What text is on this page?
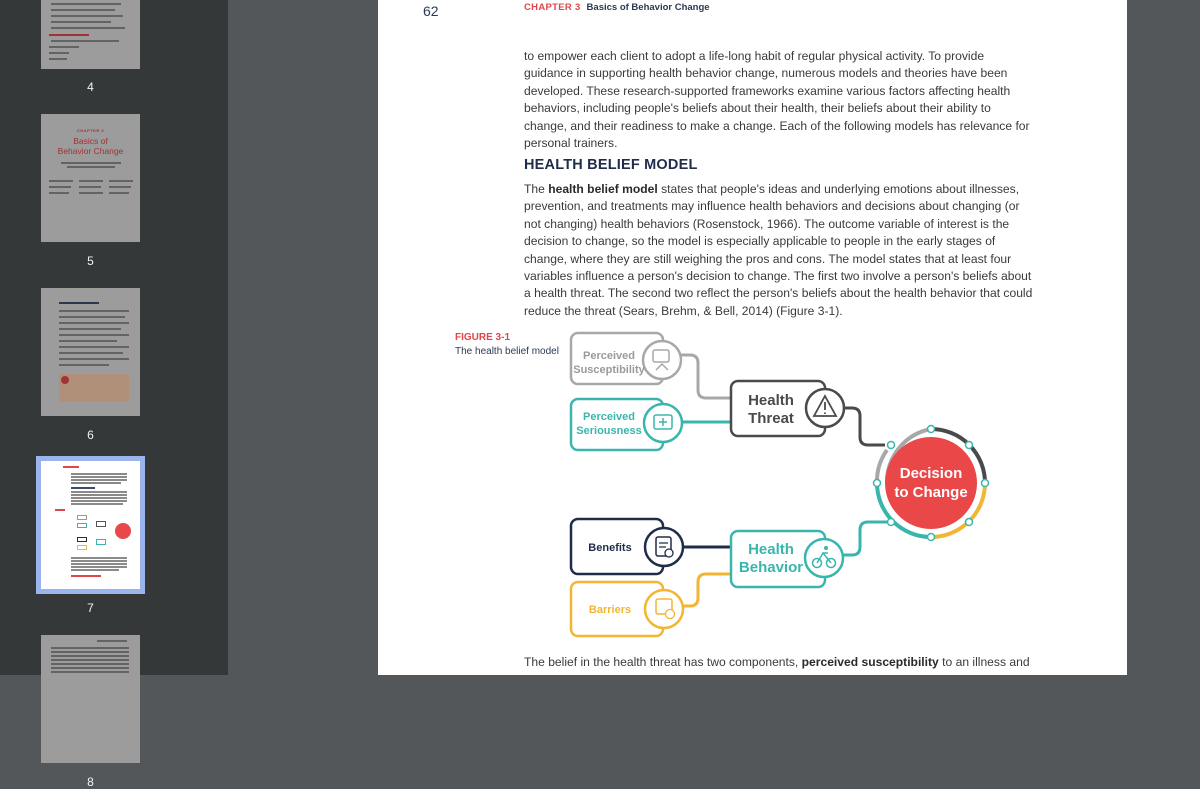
4
CHAPTER 3
Basics of
Behavior Change
5
6
7
8
62	CHAPTER 3 Basics of Behavior Change

to empower each client to adopt a life-long habit of regular physical activity. To provide guidance in supporting health behavior change, numerous models and theories have been developed. These research-supported frameworks examine various factors affecting health behaviors, including people's beliefs about their health, their beliefs about their ability to change, and their readiness to make a change. Each of the following models has relevance for personal trainers.

HEALTH BELIEF MODEL

The health belief model states that people's ideas and underlying emotions about illnesses, prevention, and treatments may influence health behaviors and decisions about changing (or not changing) health behaviors (Rosenstock, 1966). The outcome variable of interest is the decision to change, so the model is especially applicable to people in the early stages of change, where they are still weighing the pros and cons. The model states that at least four variables influence a person's decision to change. The first two involve a person's beliefs about a health threat. The second two reflect the person's beliefs about the health behavior that could reduce the threat (Sears, Brehm, & Bell, 2014) (Figure 3-1).

FIGURE 3-1
The health belief model Perceived
Susceptibility
Perceived
Seriousness
Health
Threat
Benefits
Barriers
Health
Behavior
Decision
to Change

The belief in the health threat has two components, perceived susceptibility to an illness and
